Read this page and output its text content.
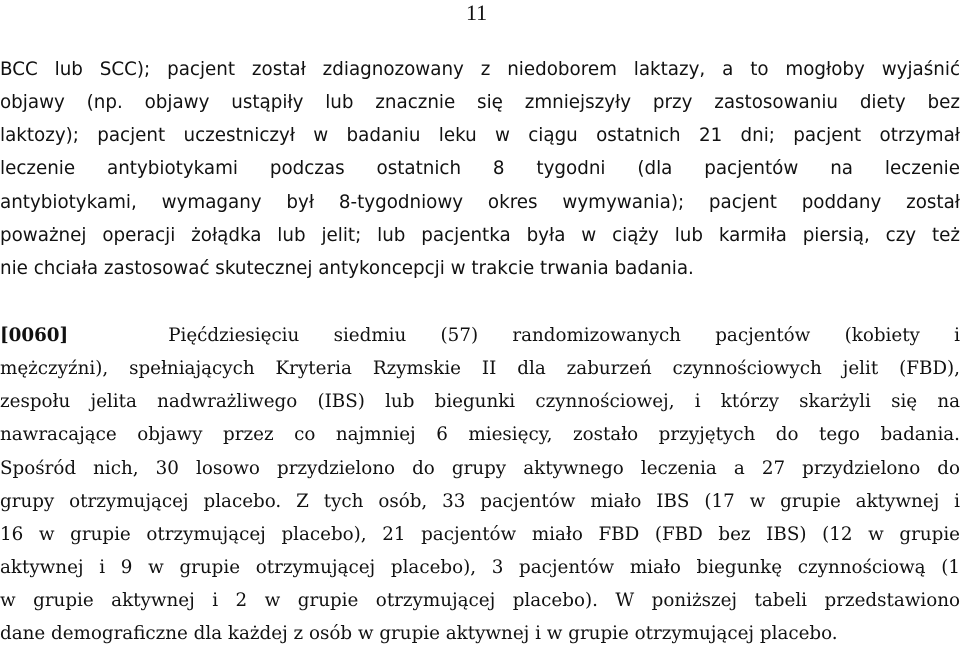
11
BCC lub SCC); pacjent został zdiagnozowany z niedoborem laktazy, a to mogłoby wyjaśnić
objawy (np. objawy ustąpiły lub znacznie się zmniejszyły przy zastosowaniu diety bez
laktozy); pacjent uczestniczył w badaniu leku w ciągu ostatnich 21 dni; pacjent otrzymał
leczenie antybiotykami podczas ostatnich 8 tygodni (dla pacjentów na leczenie
antybiotykami, wymagany był 8-tygodniowy okres wymywania); pacjent poddany został
poważnej operacji żołądka lub jelit; lub pacjentka była w ciąży lub karmiła piersią, czy też
nie chciała zastosować skutecznej antykoncepcji w trakcie trwania badania.
[0060]	Pięćdziesięciu siedmiu (57) randomizowanych pacjentów (kobiety i
mężczyźni), spełniających Kryteria Rzymskie II dla zaburzeń czynnościowych jelit (FBD),
zespołu jelita nadwrażliwego (IBS) lub biegunki czynnościowej, i którzy skarżyli się na
nawracające objawy przez co najmniej 6 miesięcy, zostało przyjętych do tego badania.
Spośród nich, 30 losowo przydzielono do grupy aktywnego leczenia a 27 przydzielono do
grupy otrzymującej placebo. Z tych osób, 33 pacjentów miało IBS (17 w grupie aktywnej i
16 w grupie otrzymującej placebo), 21 pacjentów miało FBD (FBD bez IBS) (12 w grupie
aktywnej i 9 w grupie otrzymującej placebo), 3 pacjentów miało biegunkę czynnościową (1
w grupie aktywnej i 2 w grupie otrzymującej placebo). W poniższej tabeli przedstawiono
dane demograficzne dla każdej z osób w grupie aktywnej i w grupie otrzymującej placebo.
